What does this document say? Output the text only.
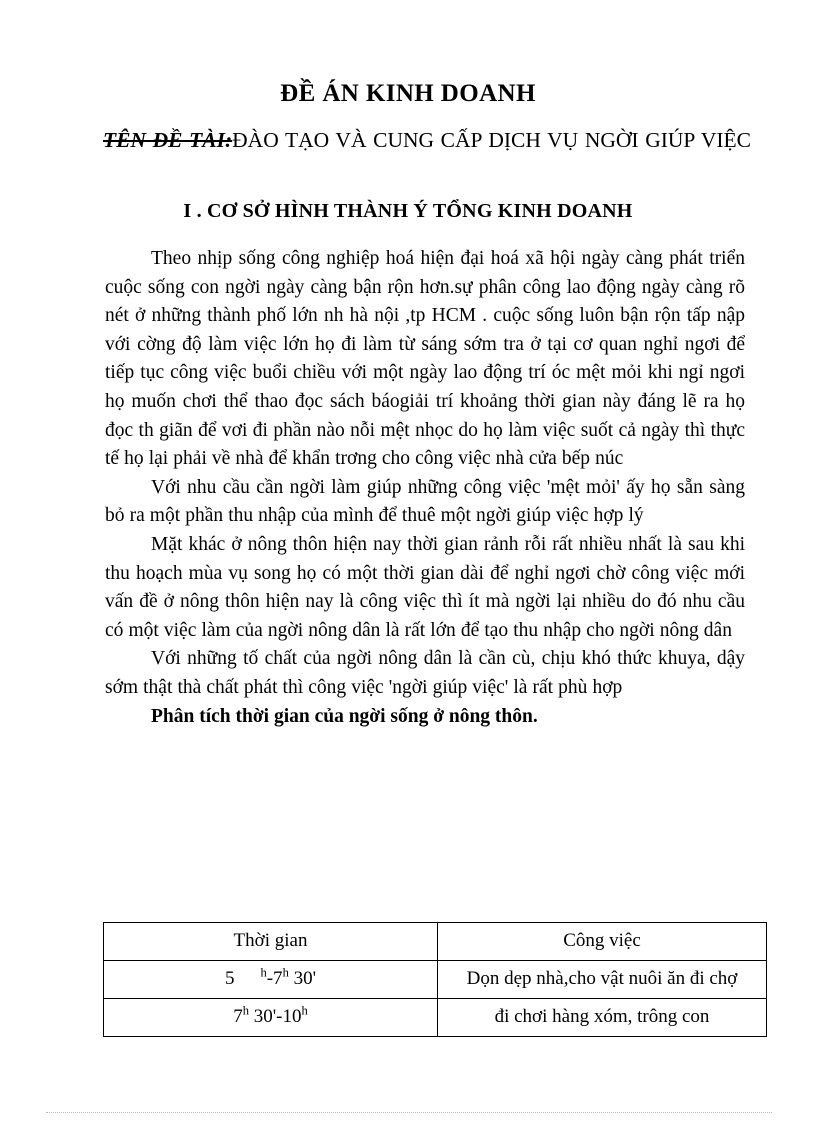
ĐỀ ÁN KINH DOANH
TÊN ĐỀ TÀI:ĐÀO TẠO VÀ CUNG CẤP DỊCH VỤ NGỜI GIÚP VIỆC
I . CƠ SỞ HÌNH THÀNH Ý TỔNG KINH DOANH

Theo nhịp sống công nghiệp hoá hiện đại hoá xã hội ngày càng phát triển cuộc sống con ngời ngày càng bận rộn hơn.sự phân công lao động ngày càng rõ nét ở những thành phố lớn nh hà nội ,tp HCM . cuộc sống luôn bận rộn tấp nập với cờng độ làm việc lớn họ đi làm từ sáng sớm tra ở tại cơ quan nghỉ ngơi để tiếp tục công việc buổi chiều với một ngày lao động trí óc mệt mỏi khi ngỉ ngơi họ muốn chơi thể thao đọc sách báogiải trí khoảng thời gian này đáng lẽ ra họ đọc th giãn để vơi đi phần nào nỗi mệt nhọc do họ làm việc suốt cả ngày thì thực tế họ lại phải về nhà để khẩn trơng cho công việc nhà cửa bếp núc

Với nhu cầu cần ngời làm giúp những công việc 'mệt mỏi' ấy họ sẵn sàng bỏ ra một phần thu nhập của mình để thuê một ngời giúp việc hợp lý

Mặt khác ở nông thôn hiện nay thời gian rảnh rỗi rất nhiều nhất là sau khi thu hoạch mùa vụ song họ có một thời gian dài để nghỉ ngơi chờ công việc mới vấn đề ở nông thôn hiện nay là công việc thì ít mà ngời lại nhiều do đó nhu cầu có một việc làm của ngời nông dân là rất lớn để tạo thu nhập cho ngời nông dân

Với những tố chất của ngời nông dân là cần cù, chịu khó thức khuya, dậy sớm thật thà chất phát thì công việc 'ngời giúp việc' là rất phù hợp

Phân tích thời gian của ngời sống ở nông thôn.

Thời gian	Công việc
5 $^h$-7$^h$ 30'	Dọn dẹp nhà,cho vật nuôi ăn đi chợ
7$^h$ 30'-10$^h$	đi chơi hàng xóm, trông con
